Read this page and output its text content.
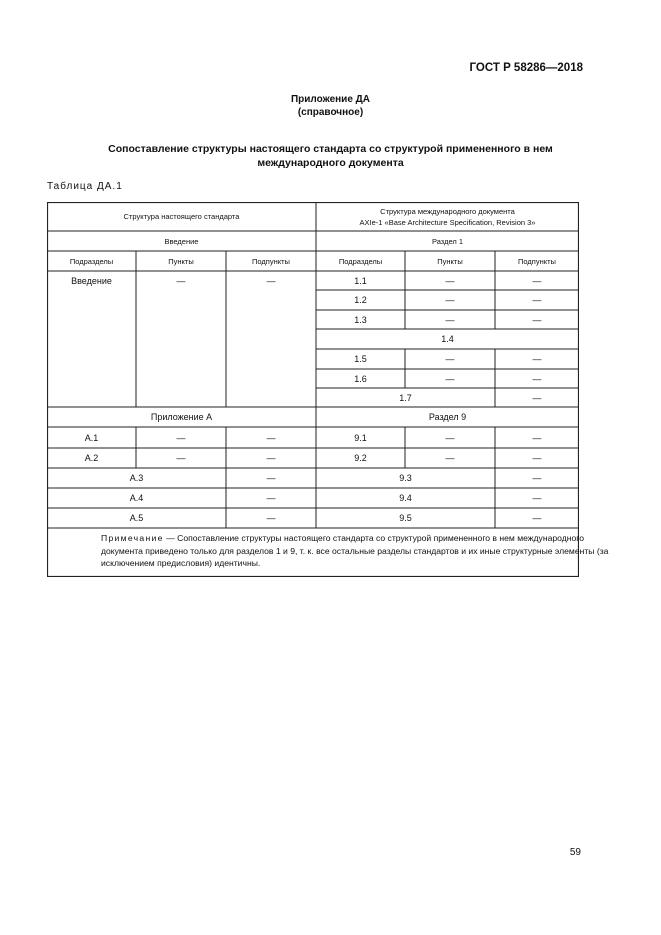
ГОСТ Р 58286—2018
Приложение ДА
(справочное)
Сопоставление структуры настоящего стандарта со структурой примененного в нем
международного документа
Таблица ДА.1
Структура настоящего стандарта
Структура международного документа
AXIe-1 «Base Architecture Specification, Revision 3»
Введение	Раздел 1
Подразделы	Пункты	Подпункты	Подразделы	Пункты	Подпункты
Введение	—	—	1.1	—	—
1.2	—	—
1.3	—	—
1.4
1.5	—	—
1.6	—	—
1.7	—
Приложение А	Раздел 9
А.1	—	—	9.1	—	—
А.2	—	—	9.2	—	—
А.3	—	9.3	—
А.4	—	9.4	—
А.5	—	9.5	—
Примечание — Сопоставление структуры настоящего стандарта со структурой примененного в нем международного документа приведено только для разделов 1 и 9, т. к. все остальные разделы стандартов и их иные структурные элементы (за исключением предисловия) идентичны.
59
